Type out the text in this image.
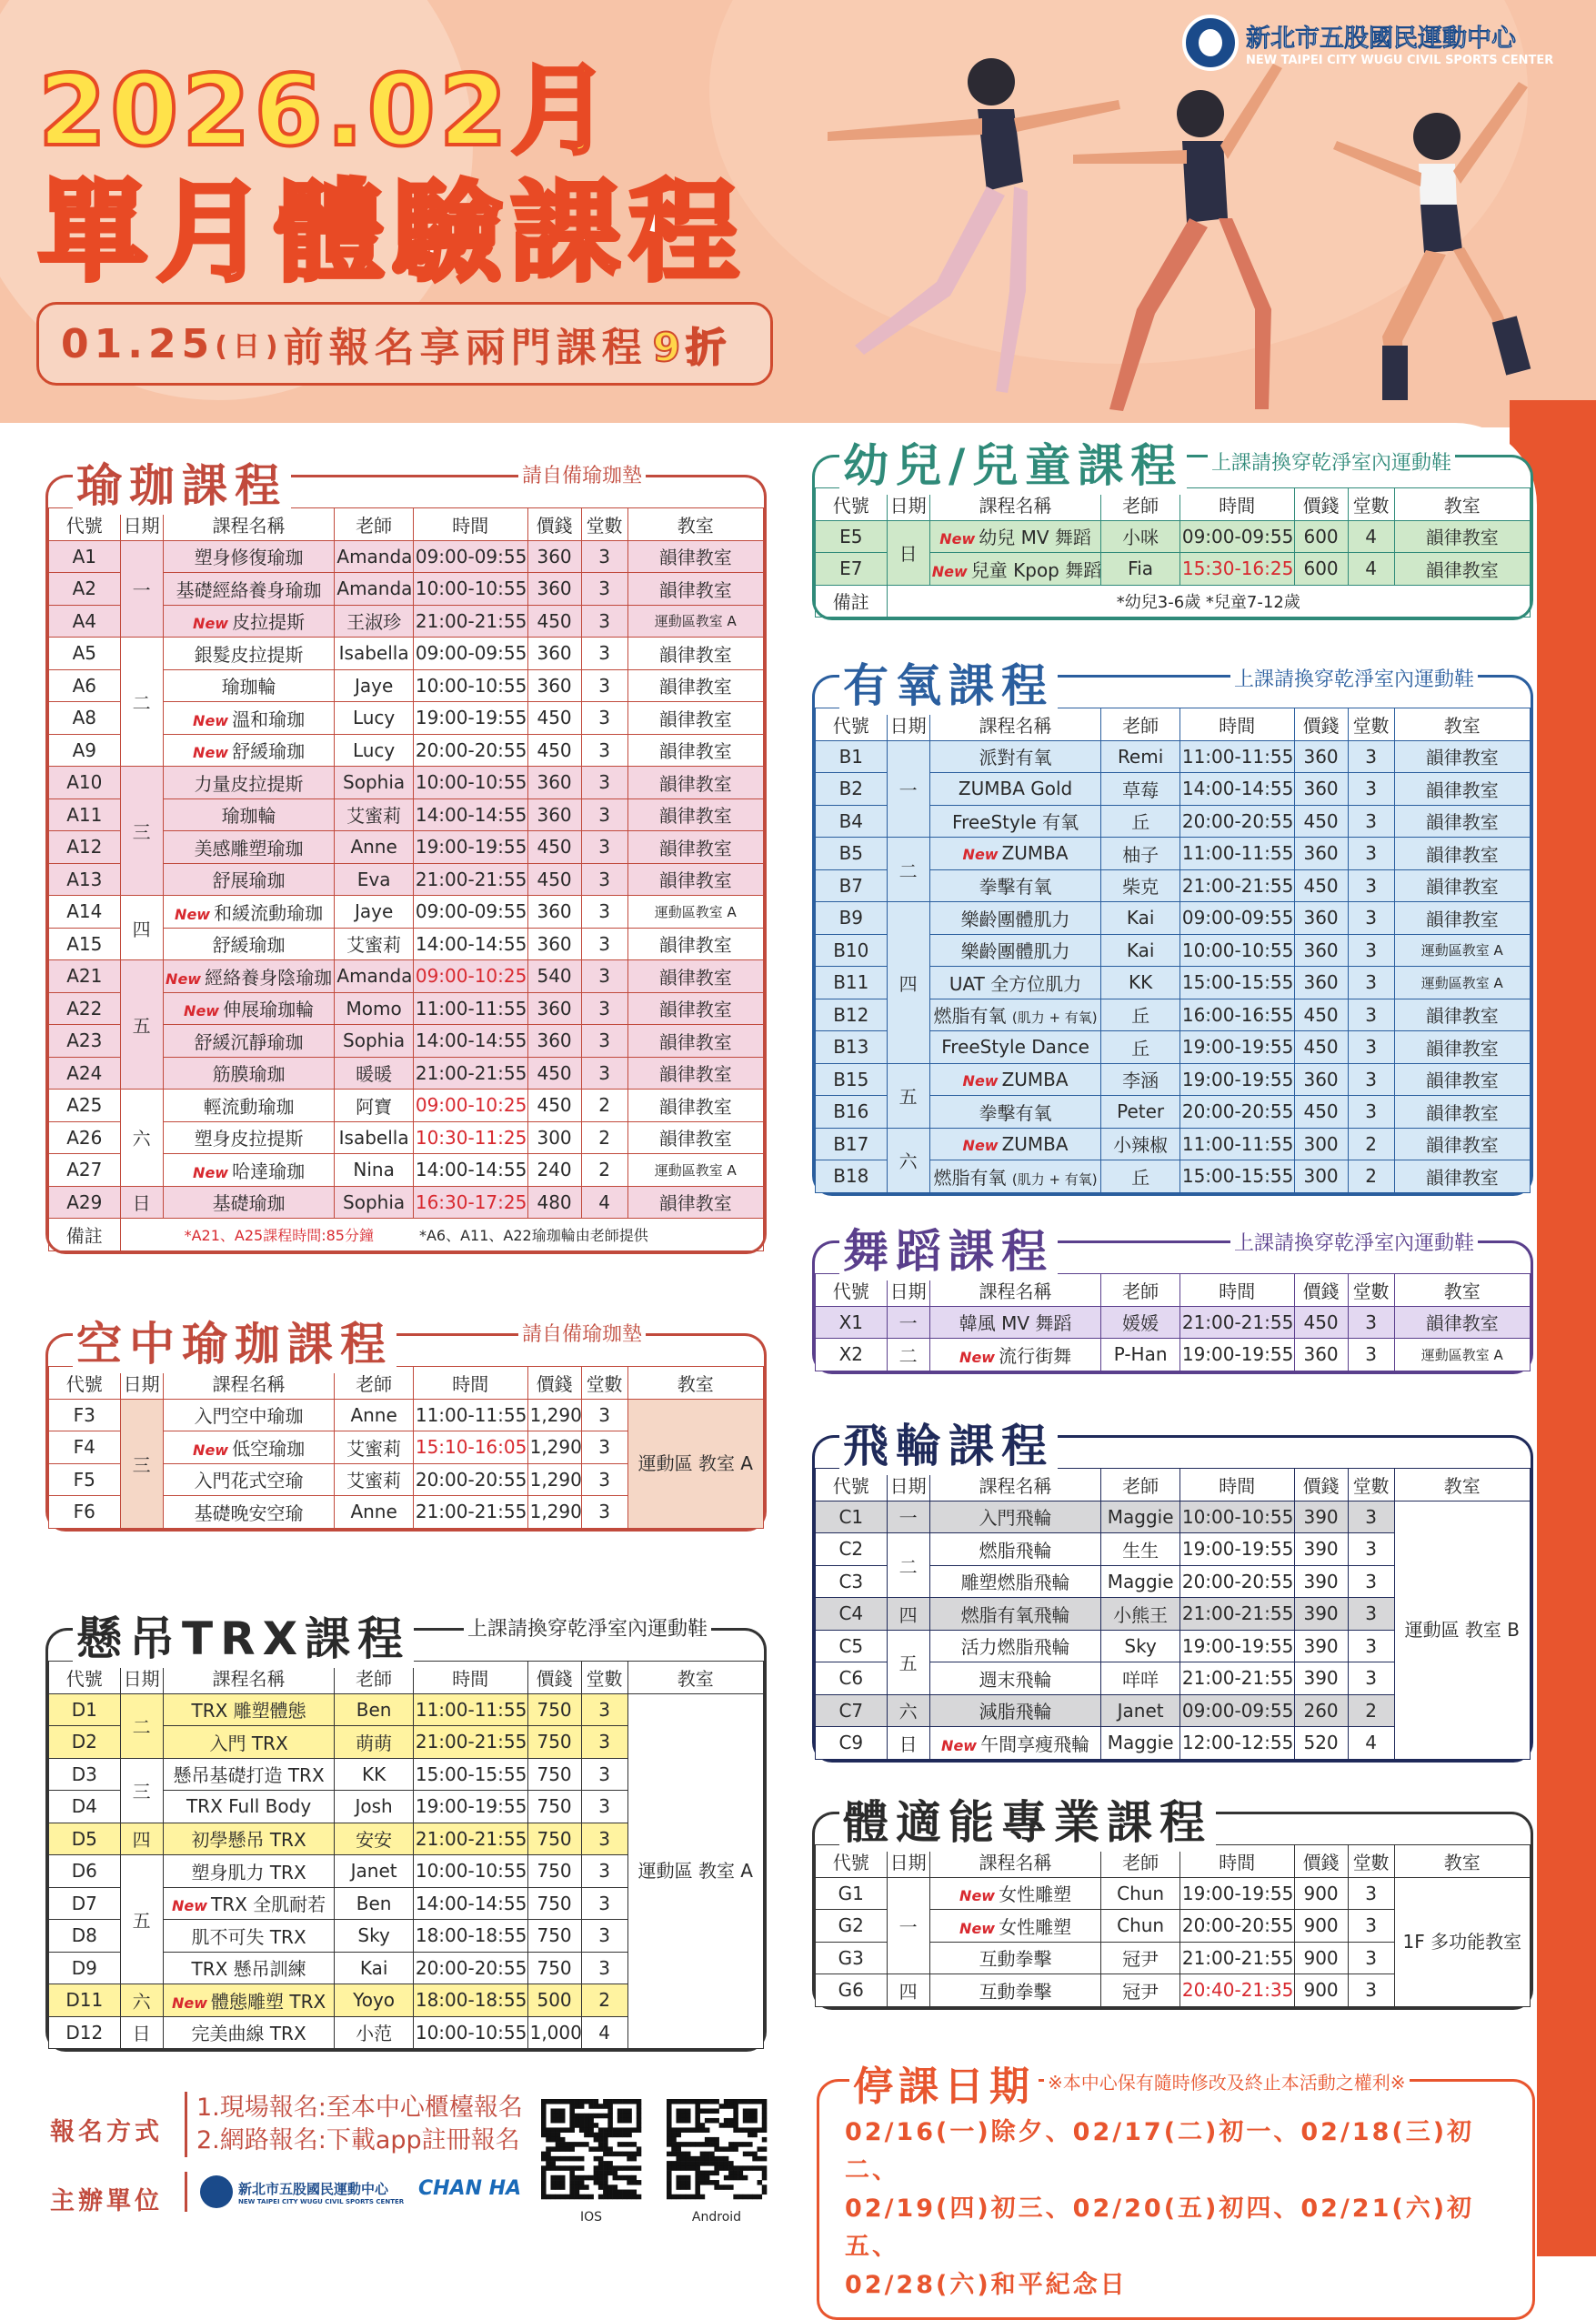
2026.02月
單月體驗課程
01.25 (日) 前報名享兩門課程 9折
新北市五股國民運動中心
NEW TAIPEI CITY WUGU CIVIL SPORTS CENTER
瑜珈課程	請自備瑜珈墊
代號	日期	課程名稱	老師	時間	價錢	堂數	教室
A1	一	塑身修復瑜珈	Amanda	09:00-09:55	360	3	韻律教室
A2		基礎經絡養身瑜珈	Amanda	10:00-10:55	360	3	韻律教室
A4		New 皮拉提斯	王淑珍	21:00-21:55	450	3	運動區教室 A
A5	二	銀髮皮拉提斯	Isabella	09:00-09:55	360	3	韻律教室
A6		瑜珈輪	Jaye	10:00-10:55	360	3	韻律教室
A8		New 溫和瑜珈	Lucy	19:00-19:55	450	3	韻律教室
A9		New 舒緩瑜珈	Lucy	20:00-20:55	450	3	韻律教室
A10	三	力量皮拉提斯	Sophia	10:00-10:55	360	3	韻律教室
A11		瑜珈輪	艾蜜莉	14:00-14:55	360	3	韻律教室
A12		美感雕塑瑜珈	Anne	19:00-19:55	450	3	韻律教室
A13		舒展瑜珈	Eva	21:00-21:55	450	3	韻律教室
A14	四	New 和緩流動瑜珈	Jaye	09:00-09:55	360	3	運動區教室 A
A15		舒緩瑜珈	艾蜜莉	14:00-14:55	360	3	韻律教室
A21	五	New 經絡養身陰瑜珈	Amanda	09:00-10:25	540	3	韻律教室
A22		New 伸展瑜珈輪	Momo	11:00-11:55	360	3	韻律教室
A23		舒緩沉靜瑜珈	Sophia	14:00-14:55	360	3	韻律教室
A24		筋膜瑜珈	暖暖	21:00-21:55	450	3	韻律教室
A25	六	輕流動瑜珈	阿寶	09:00-10:25	450	2	韻律教室
A26		塑身皮拉提斯	Isabella	10:30-11:25	300	2	韻律教室
A27		New 哈達瑜珈	Nina	14:00-14:55	240	2	運動區教室 A
A29	日	基礎瑜珈	Sophia	16:30-17:25	480	4	韻律教室
備註	*A21、A25課程時間:85分鐘 *A6、A11、A22瑜珈輪由老師提供						
空中瑜珈課程	請自備瑜珈墊
代號	日期	課程名稱	老師	時間	價錢	堂數	教室
F3	三	入門空中瑜珈	Anne	11:00-11:55	1,290	3	運動區 教室 A
F4		New 低空瑜珈	艾蜜莉	15:10-16:05	1,290	3	
F5		入門花式空瑜	艾蜜莉	20:00-20:55	1,290	3	
F6		基礎晚安空瑜	Anne	21:00-21:55	1,290	3	
懸吊TRX課程	上課請換穿乾淨室內運動鞋
代號	日期	課程名稱	老師	時間	價錢	堂數	教室
D1	二	TRX 雕塑體態	Ben	11:00-11:55	750	3	運動區 教室 A
D2		入門 TRX	萌萌	21:00-21:55	750	3	
D3	三	懸吊基礎打造 TRX	KK	15:00-15:55	750	3	
D4		TRX Full Body	Josh	19:00-19:55	750	3	
D5	四	初學懸吊 TRX	安安	21:00-21:55	750	3	
D6	五	塑身肌力 TRX	Janet	10:00-10:55	750	3	
D7		New TRX 全肌耐若	Ben	14:00-14:55	750	3	
D8		肌不可失 TRX	Sky	18:00-18:55	750	3	
D9		TRX 懸吊訓練	Kai	20:00-20:55	750	3	
D11	六	New 體態雕塑 TRX	Yoyo	18:00-18:55	500	2	
D12	日	完美曲線 TRX	小范	10:00-10:55	1,000	4	
幼兒/兒童課程 上課請換穿乾淨室內運動鞋
代號	日期	課程名稱	老師	時間	價錢	堂數	教室
E5	日	New 幼兒 MV 舞蹈	小咪	09:00-09:55	600	4	韻律教室
E7		New 兒童 Kpop 舞蹈	Fia	15:30-16:25	600	4	韻律教室
備註	*幼兒3-6歲 *兒童7-12歲						
有氧課程	上課請換穿乾淨室內運動鞋
代號	日期	課程名稱	老師	時間	價錢	堂數	教室
B1	一	派對有氧	Remi	11:00-11:55	360	3	韻律教室
B2		ZUMBA Gold	草莓	14:00-14:55	360	3	韻律教室
B4		FreeStyle 有氧	丘	20:00-20:55	450	3	韻律教室
B5	二	New ZUMBA	柚子	11:00-11:55	360	3	韻律教室
B7		拳擊有氧	柴克	21:00-21:55	450	3	韻律教室
B9	四	樂齡團體肌力	Kai	09:00-09:55	360	3	韻律教室
B10		樂齡團體肌力	Kai	10:00-10:55	360	3	運動區教室 A
B11		UAT 全方位肌力	KK	15:00-15:55	360	3	運動區教室 A
B12		燃脂有氧 (肌力 + 有氧)	丘	16:00-16:55	450	3	韻律教室
B13		FreeStyle Dance	丘	19:00-19:55	450	3	韻律教室
B15	五	New ZUMBA	李涵	19:00-19:55	360	3	韻律教室
B16		拳擊有氧	Peter	20:00-20:55	450	3	韻律教室
B17	六	New ZUMBA	小辣椒	11:00-11:55	300	2	韻律教室
B18		燃脂有氧 (肌力 + 有氧)	丘	15:00-15:55	300	2	韻律教室
舞蹈課程	上課請換穿乾淨室內運動鞋
代號	日期	課程名稱	老師	時間	價錢	堂數	教室
X1	一	韓風 MV 舞蹈	媛媛	21:00-21:55	450	3	韻律教室
X2	二	New 流行街舞	P-Han	19:00-19:55	360	3	運動區教室 A
飛輪課程
代號	日期	課程名稱	老師	時間	價錢	堂數	教室
C1	一	入門飛輪	Maggie	10:00-10:55	390	3	運動區 教室 B
C2	二	燃脂飛輪	生生	19:00-19:55	390	3	
C3		雕塑燃脂飛輪	Maggie	20:00-20:55	390	3	
C4	四	燃脂有氧飛輪	小熊王	21:00-21:55	390	3	
C5	五	活力燃脂飛輪	Sky	19:00-19:55	390	3	
C6		週末飛輪	咩咩	21:00-21:55	390	3	
C7	六	減脂飛輪	Janet	09:00-09:55	260	2	
C9	日	New 午間享瘦飛輪	Maggie	12:00-12:55	520	4	
體適能專業課程
代號	日期	課程名稱	老師	時間	價錢	堂數	教室
G1	一	New 女性雕塑	Chun	19:00-19:55	900	3	1F 多功能教室
G2		New 女性雕塑	Chun	20:00-20:55	900	3	
G3		互動拳擊	冠尹	21:00-21:55	900	3	
G6	四	互動拳擊	冠尹	20:40-21:35	900	3	
停課日期 ※本中心保有隨時修改及終止本活動之權利※
02/16(一)除夕、02/17(二)初一、02/18(三)初二、
02/19(四)初三、02/20(五)初四、02/21(六)初五、
02/28(六)和平紀念日
報名方式
1.現場報名:至本中心櫃檯報名
2.網路報名:下載app註冊報名
主辦單位	新北市五股國民運動中心
NEW TAIPEI CITY WUGU CIVIL SPORTS CENTER
CHAN HA
IOS	Android
